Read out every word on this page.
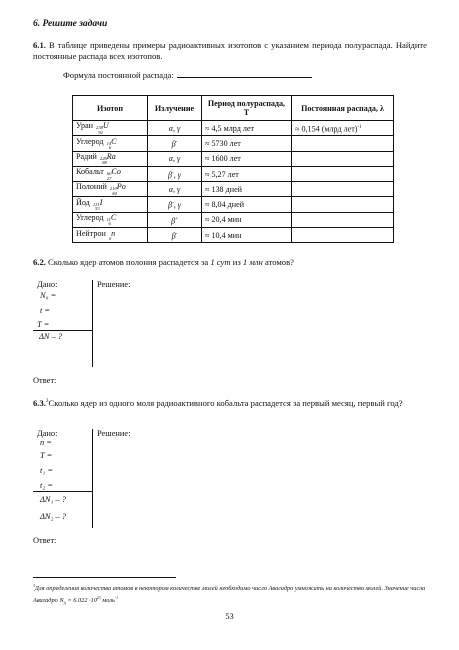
6. Решите задачи
6.1. В таблице приведены примеры радиоактивных изотопов с указанием периода полураспада. Найдите постоянные распада всех изотопов.
Формула постоянной распада:
Изотоп	Излучение	Период полураспада, T	Постоянная распада, λ
Уран 238
92
U	α, γ	≈ 4,5 млрд лет	≈ 0,154 (млрд лет)$^{-1}$
Углерод 14
6
C	β-	≈ 5730 лет	
Радий 226
88
Ra	α, γ	≈ 1600 лет	
Кобальт 60
27
Co	β-, γ	≈ 5,27 лет	
Полоний 210
84
Po	α, γ	≈ 138 дней	
Йод 131
53
I	β-, γ	≈ 8,04 дней	
Углерод 11
6
C	β+	≈ 20,4 мин	
Нейтрон
0
n	β-	≈ 10,4 мин	
6.2. Сколько ядер атомов полония распадется за 1 сут из 1 млн атомов?
Дано:	Решение:
N₀ =
t =
T =
ΔN – ?
Ответ:
6.3.$^3$Сколько ядер из одного моля радиоактивного кобальта распадется за первый месяц, первый год?
Дано:	Решение:
n =
T =
t₁ =
t₂ =
ΔN₁ – ?
ΔN₂ – ?
Ответ:
$^3$Для определения количества атомов в некотором количестве молей необходимо число Авагадро умножить на количество молей. Значение числа Авагадро $N_A = 6.022 \cdot 10^{23}$ моль$^{-1}$
53
